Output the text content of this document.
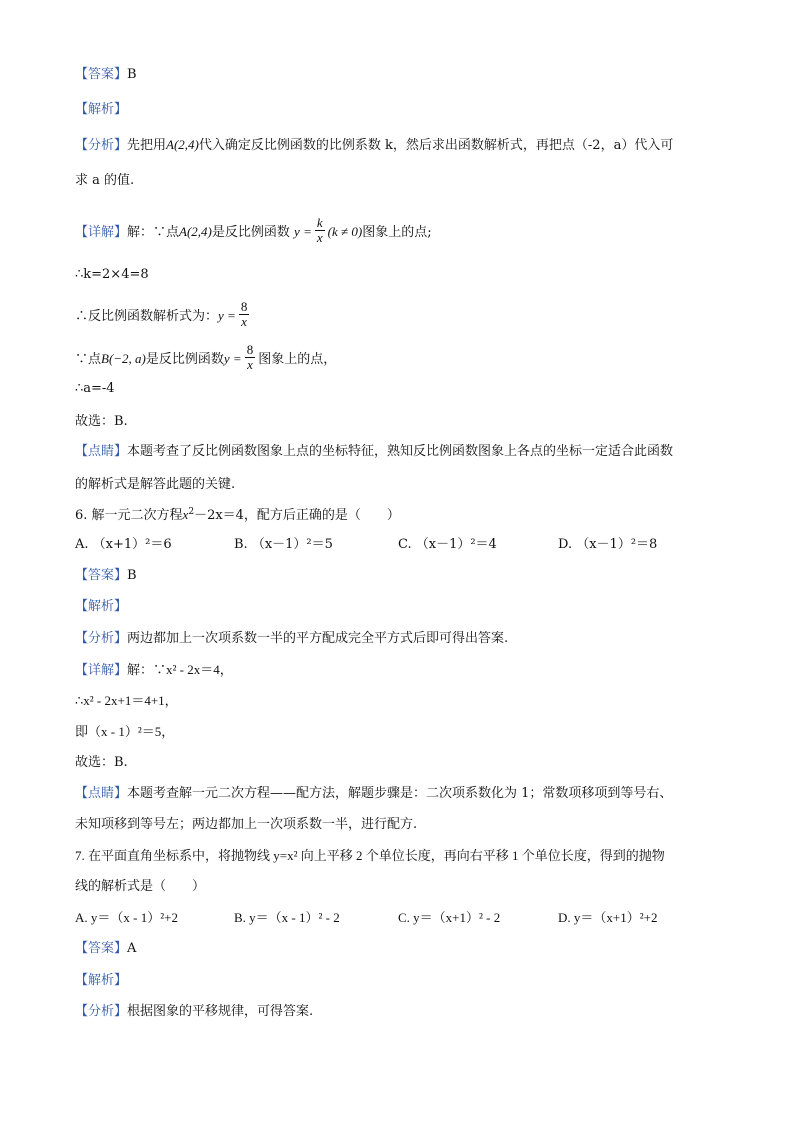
【答案】B
【解析】
【分析】先把用A(2,4)代入确定反比例函数的比例系数 k，然后求出函数解析式，再把点（-2，a）代入可
求 a 的值.
【详解】解：∵点A(2,4)是反比例函数 $y = \frac{k}{x} (k \ne 0)$图象上的点;
∴k=2×4=8
∴反比例函数解析式为：$y = \frac{8}{x}$
∵点B(−2, a)是反比例函数$y = \frac{8}{x}$ 图象上的点，
∴a=-4
故选：B.
【点睛】本题考查了反比例函数图象上点的坐标特征，熟知反比例函数图象上各点的坐标一定适合此函数
的解析式是解答此题的关键.
6. 解一元二次方程$x^2-2x=4$，配方后正确的是（　　）
A. （x+1）²＝6	B. （x－1）²＝5	C. （x－1）²＝4	D. （x－1）²＝8
【答案】B
【解析】
【分析】两边都加上一次项系数一半的平方配成完全平方式后即可得出答案.
【详解】解：∵x² - 2x＝4，
∴x² - 2x+1＝4+1，
即（x - 1）²＝5，
故选：B.
【点睛】本题考查解一元二次方程——配方法，解题步骤是：二次项系数化为 1；常数项移项到等号右、
未知项移到等号左；两边都加上一次项系数一半，进行配方.
7. 在平面直角坐标系中，将抛物线 y=x² 向上平移 2 个单位长度，再向右平移 1 个单位长度，得到的抛物
线的解析式是（　　）
A. y＝（x - 1）²+2	B. y＝（x - 1）² - 2	C. y＝（x+1）² - 2	D. y＝（x+1）²+2
【答案】A
【解析】
【分析】根据图象的平移规律，可得答案.
